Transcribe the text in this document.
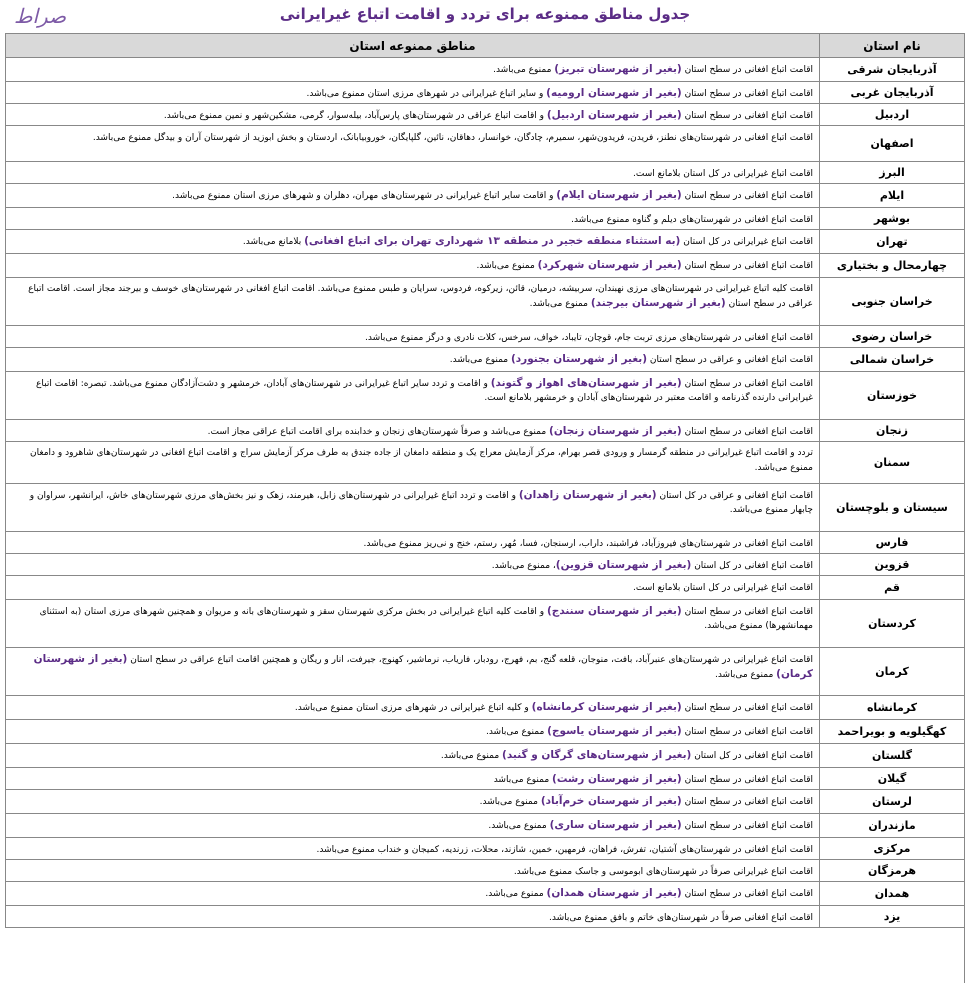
جدول مناطق ممنوعه برای تردد و اقامت اتباع غیرایرانی
صراط
نام استان
مناطق ممنوعه استان
آذربایجان شرقی
اقامت اتباع افغانی در سطح استان (بغیر از شهرستان تبریز) ممنوع می‌باشد.
آذربایجان غربی
اقامت اتباع افغانی در سطح استان (بغیر از شهرستان ارومیه) و سایر اتباع غیرایرانی در شهرهای مرزی استان ممنوع می‌باشد.
اردبیل
اقامت اتباع افغانی در سطح استان (بغیر از شهرستان اردبیل) و اقامت اتباع عراقی در شهرستان‌های پارس‌آباد، بیله‌سوار، گرمی، مشکین‌شهر و نمین ممنوع می‌باشد.
اصفهان
اقامت اتباع افغانی در شهرستان‌های نطنز، فریدن، فریدون‌شهر، سمیرم، چادگان، خوانسار، دهاقان، نائین، گلپایگان، خوروبیابانک، اردستان و بخش ابوزید از شهرستان آران و بیدگل ممنوع می‌باشد.
البرز
اقامت اتباع غیرایرانی در کل استان بلامانع است.
ایلام
اقامت اتباع افغانی در سطح استان (بغیر از شهرستان ایلام) و اقامت سایر اتباع غیرایرانی در شهرستان‌های مهران، دهلران و شهرهای مرزی استان ممنوع می‌باشد.
بوشهر
اقامت اتباع افغانی در شهرستان‌های دیلم و گناوه ممنوع می‌باشد.
تهران
اقامت اتباع غیرایرانی در کل استان (به استثناء منطقه خجیر در منطقه ۱۳ شهرداری تهران برای اتباع افغانی) بلامانع می‌باشد.
چهارمحال و بختیاری
اقامت اتباع افغانی در سطح استان (بغیر از شهرستان شهرکرد) ممنوع می‌باشد.
خراسان جنوبی
اقامت کلیه اتباع غیرایرانی در شهرستان‌های مرزی نهبندان، سربیشه، درمیان، قائن، زیرکوه، فردوس، سرایان و طبس ممنوع می‌باشد. اقامت اتباع افغانی در شهرستان‌های خوسف و بیرجند مجاز است. اقامت اتباع عراقی در سطح استان (بغیر از شهرستان بیرجند) ممنوع می‌باشد.
خراسان رضوی
اقامت اتباع افغانی در شهرستان‌های مرزی تربت جام، قوچان، تایباد، خواف، سرخس، کلات نادری و درگز ممنوع می‌باشد.
خراسان شمالی
اقامت اتباع افغانی و عراقی در سطح استان (بغیر از شهرستان بجنورد) ممنوع می‌باشد.
خوزستان
اقامت اتباع افغانی در سطح استان (بغیر از شهرستان‌های اهواز و گتوند) و اقامت و تردد سایر اتباع غیرایرانی در شهرستان‌های آبادان، خرمشهر و دشت‌آزادگان ممنوع می‌باشد. تبصره: اقامت اتباع غیرایرانی دارنده گذرنامه و اقامت معتبر در شهرستان‌های آبادان و خرمشهر بلامانع است.
زنجان
اقامت اتباع افغانی در سطح استان (بغیر از شهرستان زنجان) ممنوع می‌باشد و صرفاً شهرستان‌های زنجان و خدابنده برای اقامت اتباع عراقی مجاز است.
سمنان
تردد و اقامت اتباع غیرایرانی در منطقه گرمسار و ورودی قصر بهرام، مرکز آزمایش معراج یک و منطقه دامغان از جاده جندق به طرف مرکز آزمایش سراج و اقامت اتباع افغانی در شهرستان‌های شاهرود و دامغان ممنوع می‌باشد.
سیستان و بلوچستان
اقامت اتباع افغانی و عراقی در کل استان (بغیر از شهرستان زاهدان) و اقامت و تردد اتباع غیرایرانی در شهرستان‌های زابل، هیرمند، زهک و نیز بخش‌های مرزی شهرستان‌های خاش، ایرانشهر، سراوان و چابهار ممنوع می‌باشد.
فارس
اقامت اتباع افغانی در شهرستان‌های فیروزآباد، فراشبند، داراب، ارسنجان، فسا، مُهر، رستم، خنج و نی‌ریز ممنوع می‌باشد.
قزوین
اقامت اتباع افغانی در کل استان (بغیر از شهرستان قزوین)، ممنوع می‌باشد.
قم
اقامت اتباع غیرایرانی در کل استان بلامانع است.
کردستان
اقامت اتباع افغانی در سطح استان (بغیر از شهرستان سنندج) و اقامت کلیه اتباع غیرایرانی در بخش مرکزی شهرستان سقز و شهرستان‌های بانه و مریوان و همچنین شهرهای مرزی استان (به استثنای مهمانشهرها) ممنوع می‌باشد.
کرمان
اقامت اتباع غیرایرانی در شهرستان‌های عنبرآباد، بافت، منوجان، قلعه گنج، بم، فهرج، رودبار، فاریاب، نرماشیر، کهنوج، جیرفت، انار و ریگان و همچنین اقامت اتباع عراقی در سطح استان (بغیر از شهرستان کرمان) ممنوع می‌باشد.
کرمانشاه
اقامت اتباع افغانی در سطح استان (بغیر از شهرستان کرمانشاه) و کلیه اتباع غیرایرانی در شهرهای مرزی استان ممنوع می‌باشد.
کهگیلویه و بویراحمد
اقامت اتباع افغانی در سطح استان (بغیر از شهرستان یاسوج) ممنوع می‌باشد.
گلستان
اقامت اتباع افغانی در کل استان (بغیر از شهرستان‌های گرگان و گنبد) ممنوع می‌باشد.
گیلان
اقامت اتباع افغانی در سطح استان (بغیر از شهرستان رشت) ممنوع می‌باشد
لرستان
اقامت اتباع افغانی در سطح استان (بغیر از شهرستان خرم‌آباد) ممنوع می‌باشد.
مازندران
اقامت اتباع افغانی در سطح استان (بغیر از شهرستان ساری) ممنوع می‌باشد.
مرکزی
اقامت اتباع افغانی در شهرستان‌های آشتیان، تفرش، فراهان، فرمهین، خمین، شازند، محلات، زرندیه، کمیجان و خنداب ممنوع می‌باشد.
هرمزگان
اقامت اتباع غیرایرانی صرفاً در شهرستان‌های ابوموسی و جاسک ممنوع می‌باشد.
همدان
اقامت اتباع افغانی در سطح استان (بغیر از شهرستان همدان) ممنوع می‌باشد.
یزد
اقامت اتباع افغانی صرفاً در شهرستان‌های خاتم و بافق ممنوع می‌باشد.
